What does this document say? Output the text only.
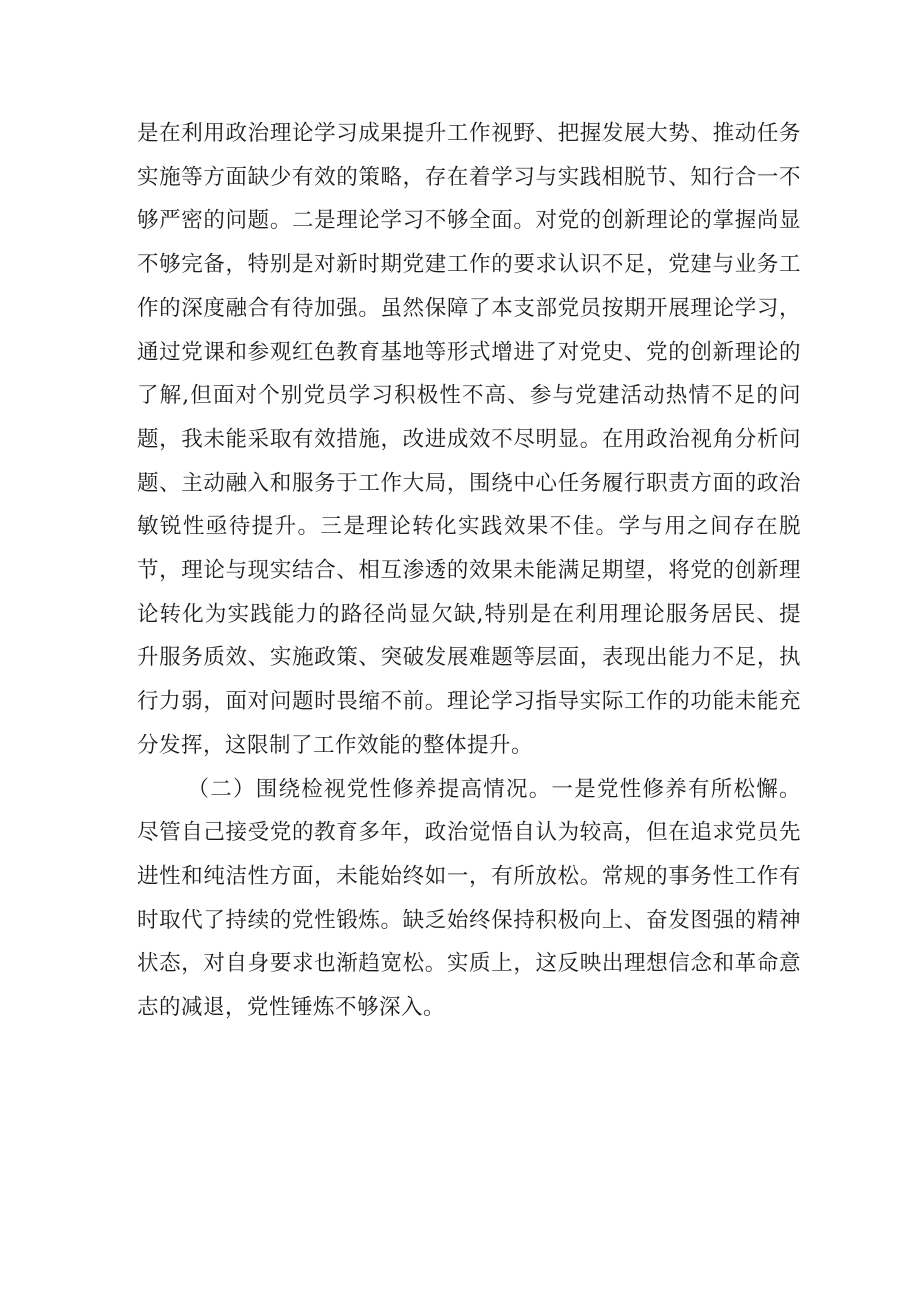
是在利用政治理论学习成果提升工作视野、把握发展大势、推动任务实施等方面缺少有效的策略，存在着学习与实践相脱节、知行合一不够严密的问题。二是理论学习不够全面。对党的创新理论的掌握尚显不够完备，特别是对新时期党建工作的要求认识不足，党建与业务工作的深度融合有待加强。虽然保障了本支部党员按期开展理论学习，通过党课和参观红色教育基地等形式增进了对党史、党的创新理论的了解,但面对个别党员学习积极性不高、参与党建活动热情不足的问题，我未能采取有效措施，改进成效不尽明显。在用政治视角分析问题、主动融入和服务于工作大局，围绕中心任务履行职责方面的政治敏锐性亟待提升。三是理论转化实践效果不佳。学与用之间存在脱节，理论与现实结合、相互渗透的效果未能满足期望，将党的创新理论转化为实践能力的路径尚显欠缺,特别是在利用理论服务居民、提升服务质效、实施政策、突破发展难题等层面，表现出能力不足，执行力弱，面对问题时畏缩不前。理论学习指导实际工作的功能未能充分发挥，这限制了工作效能的整体提升。

（二）围绕检视党性修养提高情况。一是党性修养有所松懈。尽管自己接受党的教育多年，政治觉悟自认为较高，但在追求党员先进性和纯洁性方面，未能始终如一，有所放松。常规的事务性工作有时取代了持续的党性锻炼。缺乏始终保持积极向上、奋发图强的精神状态，对自身要求也渐趋宽松。实质上，这反映出理想信念和革命意志的减退，党性锤炼不够深入。
